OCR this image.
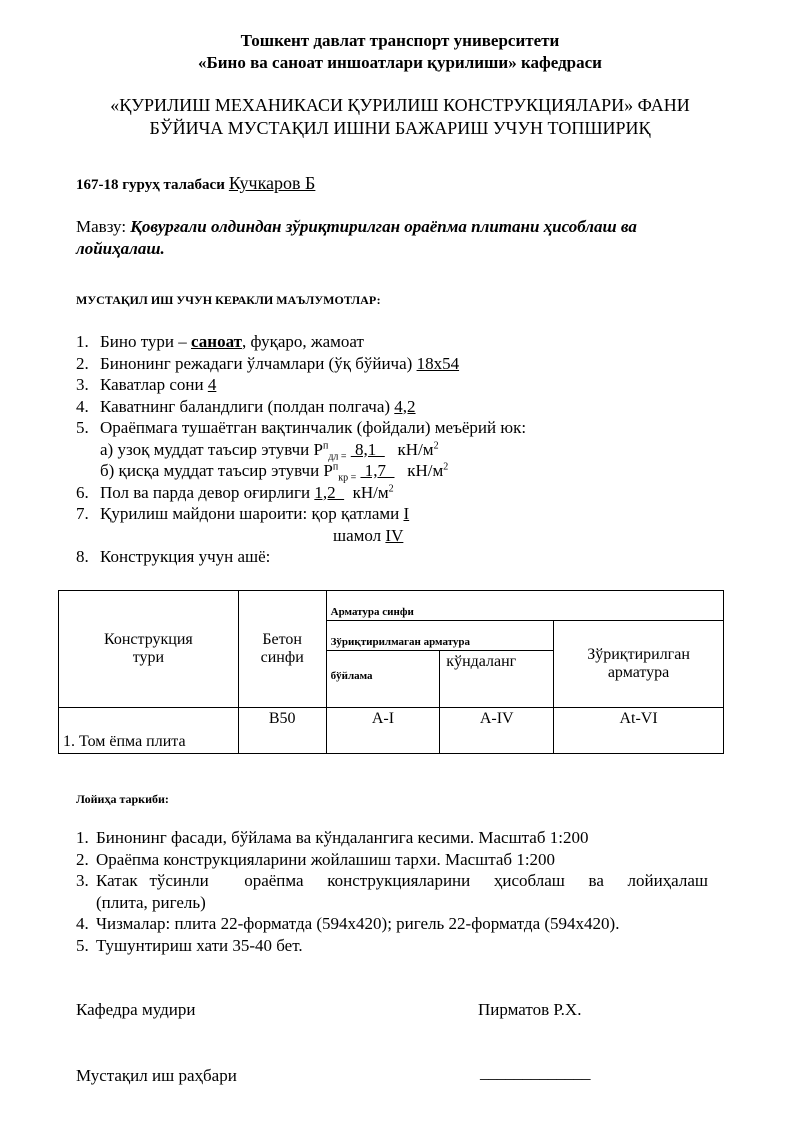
Тошкент давлат транспорт университети
«Бино ва саноат иншоатлари қурилиши» кафедраси
«ҚУРИЛИШ МЕХАНИКАСИ ҚУРИЛИШ КОНСТРУКЦИЯЛАРИ» ФАНИ
БЎЙИЧА МУСТАҚИЛ ИШНИ БАЖАРИШ УЧУН ТОПШИРИҚ
167-18 гуруҳ талабаси Кучкаров Б
Мавзу: Қовурғали олдиндан зўриқтирилган ораёпма плитани ҳисоблаш ва
лойиҳалаш.
МУСТАҚИЛ ИШ УЧУН КЕРАКЛИ МАЪЛУМОТЛАР:
1. Бино тури – саноат, фуқаро, жамоат
2. Бинонинг режадаги ўлчамлари (ўқ бўйича) 18х54
3. Каватлар сони 4
4. Каватнинг баландлиги (полдан полгача) 4,2
5. Ораёпмага тушаётган вақтинчалик (фойдали) меъёрий юк:
а) узоқ муддат таъсир этувчи $Р^п_{дл =}$  8,1     $кН/м^2$
б) қисқа муддат таъсир этувчи $Р^п_{кр =}$  1,7     $кН/м^2$
6. Пол ва парда девор оғирлиги 1,2    $кН/м^2$
7. Қурилиш майдони шароити: қор қатлами I
шамол IV
8. Конструкция учун ашё:
Конструкция тури	Бетон синфи	Арматура синфи		
		Зўриқтирилмаган арматура		Зўриқтирилган арматура

		бўйлама	кўндаланг	
1. Том ёпма плита	В50	А-I	А-IV	Аt-VI
Лойиҳа таркиби:
1. Бинонинг фасади, бўйлама ва кўндалангига кесими. Масштаб 1:200
2. Ораёпма конструкцияларини жойлашиш тархи. Масштаб 1:200
3. Катак тўсинли   ораёпма  конструкцияларини  ҳисоблаш  ва  лойиҳалаш
(плита, ригель)
4. Чизмалар: плита 22-форматда (594х420); ригель 22-форматда (594х420).
5. Тушунтириш хати 35-40 бет.
Кафедра мудири	Пирматов Р.Х.
Мустақил иш раҳбари	_____________
